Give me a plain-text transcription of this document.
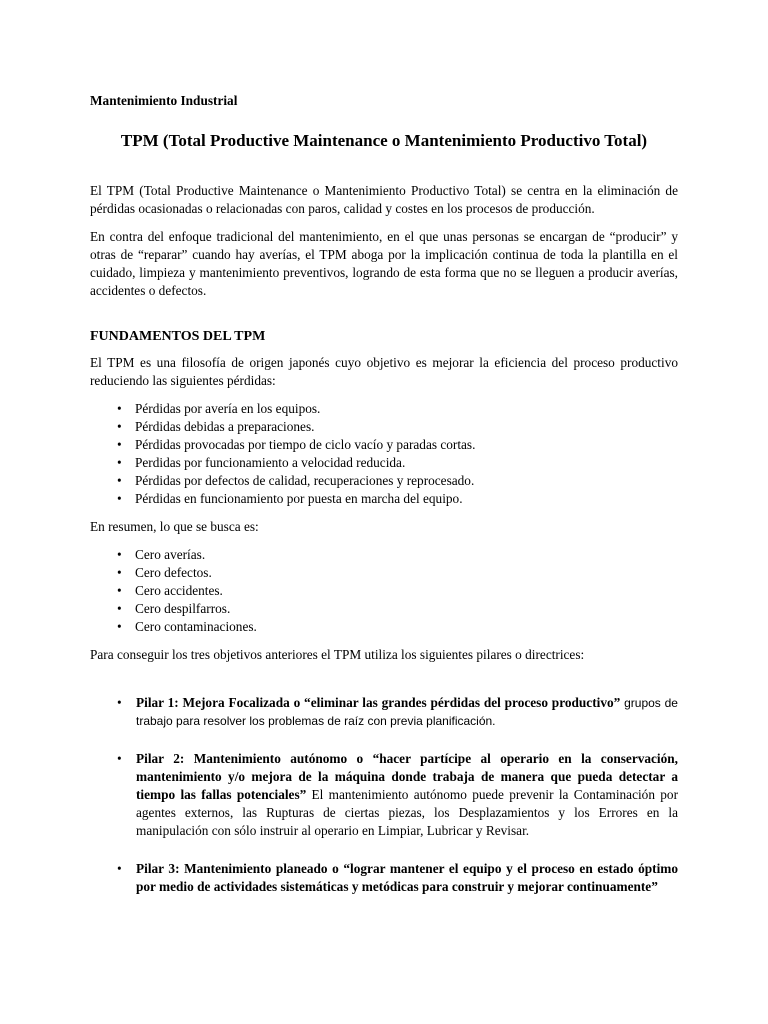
Mantenimiento Industrial
TPM (Total Productive Maintenance o Mantenimiento Productivo Total)

El TPM (Total Productive Maintenance o Mantenimiento Productivo Total) se centra en la eliminación de pérdidas ocasionadas o relacionadas con paros, calidad y costes en los procesos de producción.

En contra del enfoque tradicional del mantenimiento, en el que unas personas se encargan de “producir” y otras de “reparar” cuando hay averías, el TPM aboga por la implicación continua de toda la plantilla en el cuidado, limpieza y mantenimiento preventivos, logrando de esta forma que no se lleguen a producir averías, accidentes o defectos.

FUNDAMENTOS DEL TPM

El TPM es una filosofía de origen japonés cuyo objetivo es mejorar la eficiencia del proceso productivo reduciendo las siguientes pérdidas:

• Pérdidas por avería en los equipos.
• Pérdidas debidas a preparaciones.
• Pérdidas provocadas por tiempo de ciclo vacío y paradas cortas.
• Perdidas por funcionamiento a velocidad reducida.
• Pérdidas por defectos de calidad, recuperaciones y reprocesado.
• Pérdidas en funcionamiento por puesta en marcha del equipo.

En resumen, lo que se busca es:

• Cero averías.
• Cero defectos.
• Cero accidentes.
• Cero despilfarros.
• Cero contaminaciones.

Para conseguir los tres objetivos anteriores el TPM utiliza los siguientes pilares o directrices:

• Pilar 1: Mejora Focalizada o “eliminar las grandes pérdidas del proceso productivo” grupos de trabajo para resolver los problemas de raíz con previa planificación.
• Pilar 2: Mantenimiento autónomo o “hacer partícipe al operario en la conservación, mantenimiento y/o mejora de la máquina donde trabaja de manera que pueda detectar a tiempo las fallas potenciales” El mantenimiento autónomo puede prevenir la Contaminación por agentes externos, las Rupturas de ciertas piezas, los Desplazamientos y los Errores en la manipulación con sólo instruir al operario en Limpiar, Lubricar y Revisar.
• Pilar 3: Mantenimiento planeado o “lograr mantener el equipo y el proceso en estado óptimo por medio de actividades sistemáticas y metódicas para construir y mejorar continuamente”
